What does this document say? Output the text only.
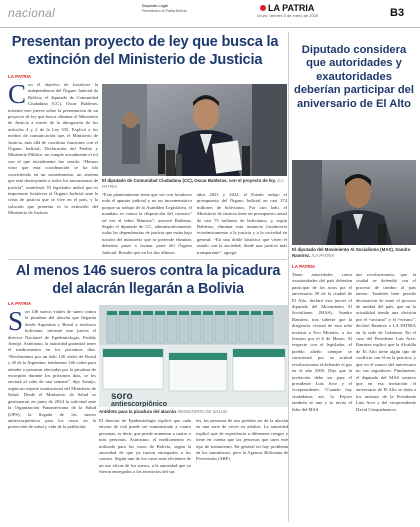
nacional	Depósito Legal
Periodistico Ia Patria Bolivia	LA PATRIA
Oruro, viernes 3 de enero de 2025	B3
Presentan proyecto de ley que busca la extinción del Ministerio de Justicia
LA PATRIA
Con el objetivo de fortalecer la independencia del Órgano Judicial de Bolivia, el diputado de Comunidad Ciudadana (CC), Oscar Balderas, informó este jueves sobre la presentación de un proyecto de ley que busca eliminar el Ministerio de Justicia a través de la abrogación de los artículos 4 y 2 de la Ley 335. Explicó a los medios de comunicación que, el Ministerio de Justicia, más allá de coordinar funciones con el Órgano Judicial, Declaración del Pueblo y Ministerio Público, no cumple actualmente el rol con el que inicialmente fue creado. “Hemos visto que esta coordinación se ha ido convirtiendo en un sometimiento, un sistema que está destruyendo a todos los mecanismos de justicia”, manifestó. El legislador indicó que es importante fortalecer el Órgano Judicial ante la crisis de justicia que se vive en el país, y la solución que presenta es la extinción del Ministerio de Justicia.
El diputado de Comunidad Ciudadana (CC), Oscar Balderas, con el proyecto de ley. /LA PATRIA
“Este planteamiento tiene que ver con fortalecer todo el aparato judicial y no un incrementativo porque su trabajo de la Asamblea Legislativa, el mandato es contar la disposición del contrato” tal vez el señor Ministro”, aseveró Balderas. Según el diputado de CC, adminisrativamente, todas las dependencias de justicia que están bajo tuición del ministerio que se pretende eliminar, deberían pasar a formar parte del Órgano Judicial. Resultó que en los dos últimos
años 2021 y 2022, el Estado redujo el presupuesto del Órgano Judicial en casi 374 millones de bolivianos. Por otro lado, el Ministerio de Justicia tiene un presupuesto anual de casi 75 millones de bolivianos, y, según Balderas, eliminar esta instancia fortalecería económicamente a la justicia y a la sociedad en general. “En una doble histórica que viven el estado con la sociedad; desde una justicia más transparente”, agregó.
Diputado considera que autoridades y exautoridades deberían participar del aniversario de El Alto
El diputado del Movimiento Al Socialismo (MAS), Sandro Ramírez. /LA PATRIA
LA PATRIA
Tanto autoridades como exautoridades del país deberían participar de los actos por el aniversario 39 de la ciudad de El Alto, declaró este jueves el diputado del Movimiento Al Socialismo (MAS), Sandro Ramírez, tras saberse que la dirigencia vecinal de esta urbe invitará a Evo Morales, a los festejos por el 6 de Marzo. Al respecto con el legislador, el pueblo alteño siempre se caracterizó por su actitud revolucionaria al defender el gas en el año 2003. Dijo que la invitación debe ser para el presidente Luis Arce y el vicepresidente, “Cuando hay ciudadanos así, la Fejuve también se une y lo invita el líder del MAS.
tan revolucionario, que la ciudad se defendió con el proceso de cambio al país entero. También bien preside declaración de tener el proceso de unidad del país, que en la actualidad tienda una división por el “arcismo” y el “evismo”, declaró Ramírez a LA PATRIA en la sede de Gobierno. En el caso del Presidente Luis Arce, Ramírez explicó que la Alcaldía de El Alto tiene algún tipo de conflicto con él en la práctica, y que en el marco del aniversario no sus seguidores. Finalmente, el diputado del MAS sostuvo que en esa invitación el aniversario de El Alto se daría a los mismos de la Presidente Luis Arce y del vicepresidente David Choquehuanca.
Al menos 146 sueros contra la picadura del alacrán llegarán a Bolivia
LA PATRIA
Son 146 sueros vitales de suero contra la picadura del alacrán que llegarán desde Argentina y Brasil a territorio boliviano, informó este jueves el director Nacional de Epidemiología, Freddy Armijo. Asimismo, la autoridad garantizó tener el medicamento en los próximos días. “Recibiremos por un lado 126 viales de Brasil y 20 de la Argentina, tendremos 146 viales para atender a personas afectadas por la picadura de escorpión durante los próximos días, se los enviará al cabo de una semana”, dijo Armijo, según un reporte institucional del Ministerio de Salud. Desde el Ministerio de Salud se gestionaron en junio de 2024 la solicitud ante la Organización Panamericana de la Salud (OPS), la llegada de los sueros antiescorpiónicos para los casos en la protección de salud y vida de la población.
soro
antiescorpiônico
Antídoto para la picadura del alacrán /MINISTERIO DE SALUD
El director de Epidemiología explicó que cada envase de vial puede ser suministrado a cuatro personas, es decir, que puede aumentar a cuatro o más personas. Asimismo, el medicamento es utilizado para los casos de Bolivia, según la autoridad de que ya fueron entregados a los centros. Según uno de los casos más eficientes de un uso eficaz de los sueros, a la autoridad que ya fueron entregados a los territorios del sur.
tes, las personas de uso podrían ser de la alacrán en una serie de veces en adultos. La autoridad explicó que de experiencia a diferentes riesgos y tiene en cuenta que las personas que usen este tipo de tratamiento. En general no hay problema en los suministros, pero la Agencia Boliviana de Prevención (ABP).
